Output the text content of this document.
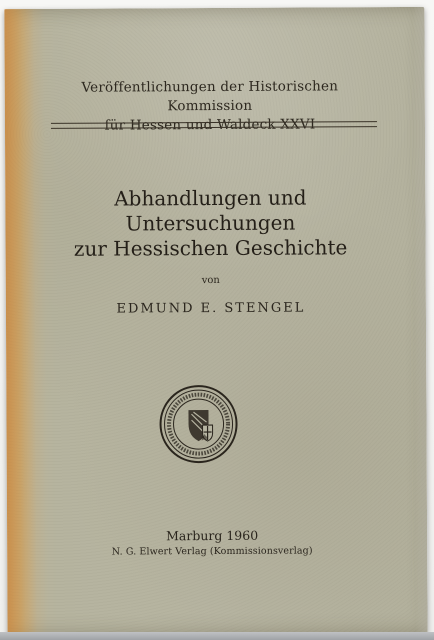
Veröffentlichungen der Historischen Kommission
für Hessen und Waldeck XXVI
Abhandlungen und Untersuchungen
zur Hessischen Geschichte
von
EDMUND E. STENGEL
Marburg 1960
N. G. Elwert Verlag (Kommissionsverlag)
